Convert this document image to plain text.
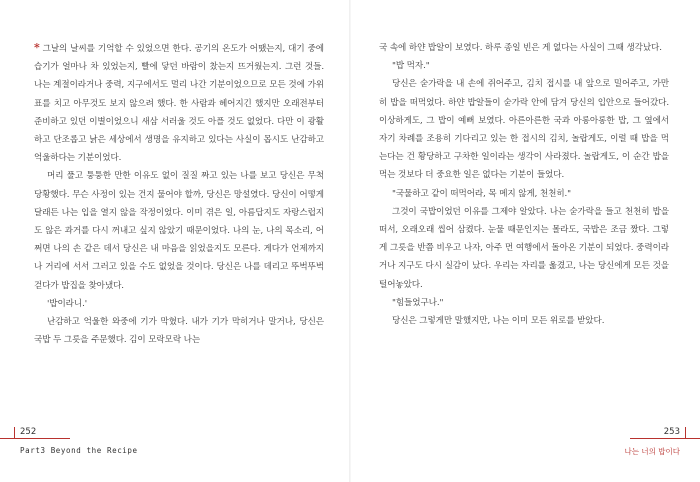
* 그날의 날씨를 기억할 수 있었으면 한다. 공기의 온도가 어땠는지, 대기 중에 습기가 얼마나 차 있었는지, 빨에 닿던 바람이 찼는지 뜨거웠는지. 그런 것들. 나는 계절이라거나 중력, 지구에서도 멀리 나간 기분이었으므로 모든 것에 가위표를 치고 아무것도 보지 않으려 했다. 한 사람과 헤어지긴 했지만 오래전부터 준비하고 있던 이별이었으니 새삼 서러울 것도 아플 것도 없었다. 다만 이 광활하고 단조롭고 낡은 세상에서 생명을 유지하고 있다는 사실이 몹시도 난감하고 억울하다는 기분이었다.

머리 풀고 퉁퉁한 만한 이유도 없이 질질 짜고 있는 나를 보고 당신은 무척 당황했다. 무슨 사정이 있는 건지 물어야 할까, 당신은 망설였다. 당신이 어떻게 달래든 나는 입을 열지 않을 작정이었다. 이미 겪은 일, 아름답지도 자랑스럽지도 않은 과거를 다시 꺼내고 싶지 않았기 때문이었다. 나의 눈, 나의 목소리, 어쩌면 나의 손 같은 데서 당신은 내 마음을 읽었을지도 모른다. 게다가 언제까지나 거리에 서서 그러고 있을 수도 없었을 것이다. 당신은 나를 데리고 뚜벅뚜벅 걷다가 밥집을 찾아냈다.

'밥이라니.'

난감하고 억울한 와중에 기가 막혔다. 내가 기가 막히거나 말거나, 당신은 국밥 두 그릇을 주문했다. 김이 모락모락 나는

252
Part3 Beyond the Recipe

국 속에 하얀 밥알이 보였다. 하루 종일 빈은 게 없다는 사실이 그때 생각났다.

"밥 먹자."

당신은 숟가락을 내 손에 쥐어주고, 김치 접시를 내 앞으로 밀어주고, 가만히 밥을 떠먹었다. 하얀 밥알들이 숟가락 안에 담겨 당신의 입안으로 들어갔다. 이상하게도, 그 밥이 예뻐 보였다. 아른아른한 국과 아롱아롱한 밥, 그 옆에서 자기 차례를 조용히 기다리고 있는 한 접시의 김치, 놀랍게도, 이럴 때 밥을 먹는다는 건 황당하고 구차한 일이라는 생각이 사라졌다. 놀랍게도, 이 순간 밥을 먹는 것보다 더 중요한 일은 없다는 기분이 들었다.

"국물하고 같이 떠먹어라, 목 메지 않게, 천천히."

그것이 국밥이었던 이유를 그제야 알았다. 나는 숟가락을 들고 천천히 밥을 떠서, 오래오래 씹어 삼켰다. 눈물 때문인지는 몰라도, 국밥은 조금 짰다. 그렇게 그릇을 반쯤 비우고 나자, 아주 먼 여행에서 돌아온 기분이 되었다. 중력이라거나 지구도 다시 실감이 났다. 우리는 자리를 옮겼고, 나는 당신에게 모든 것을 털어놓았다.

"힘들었구나."

당신은 그렇게만 말했지만, 나는 이미 모든 위로를 받았다.

253
나는 너의 밥이다
